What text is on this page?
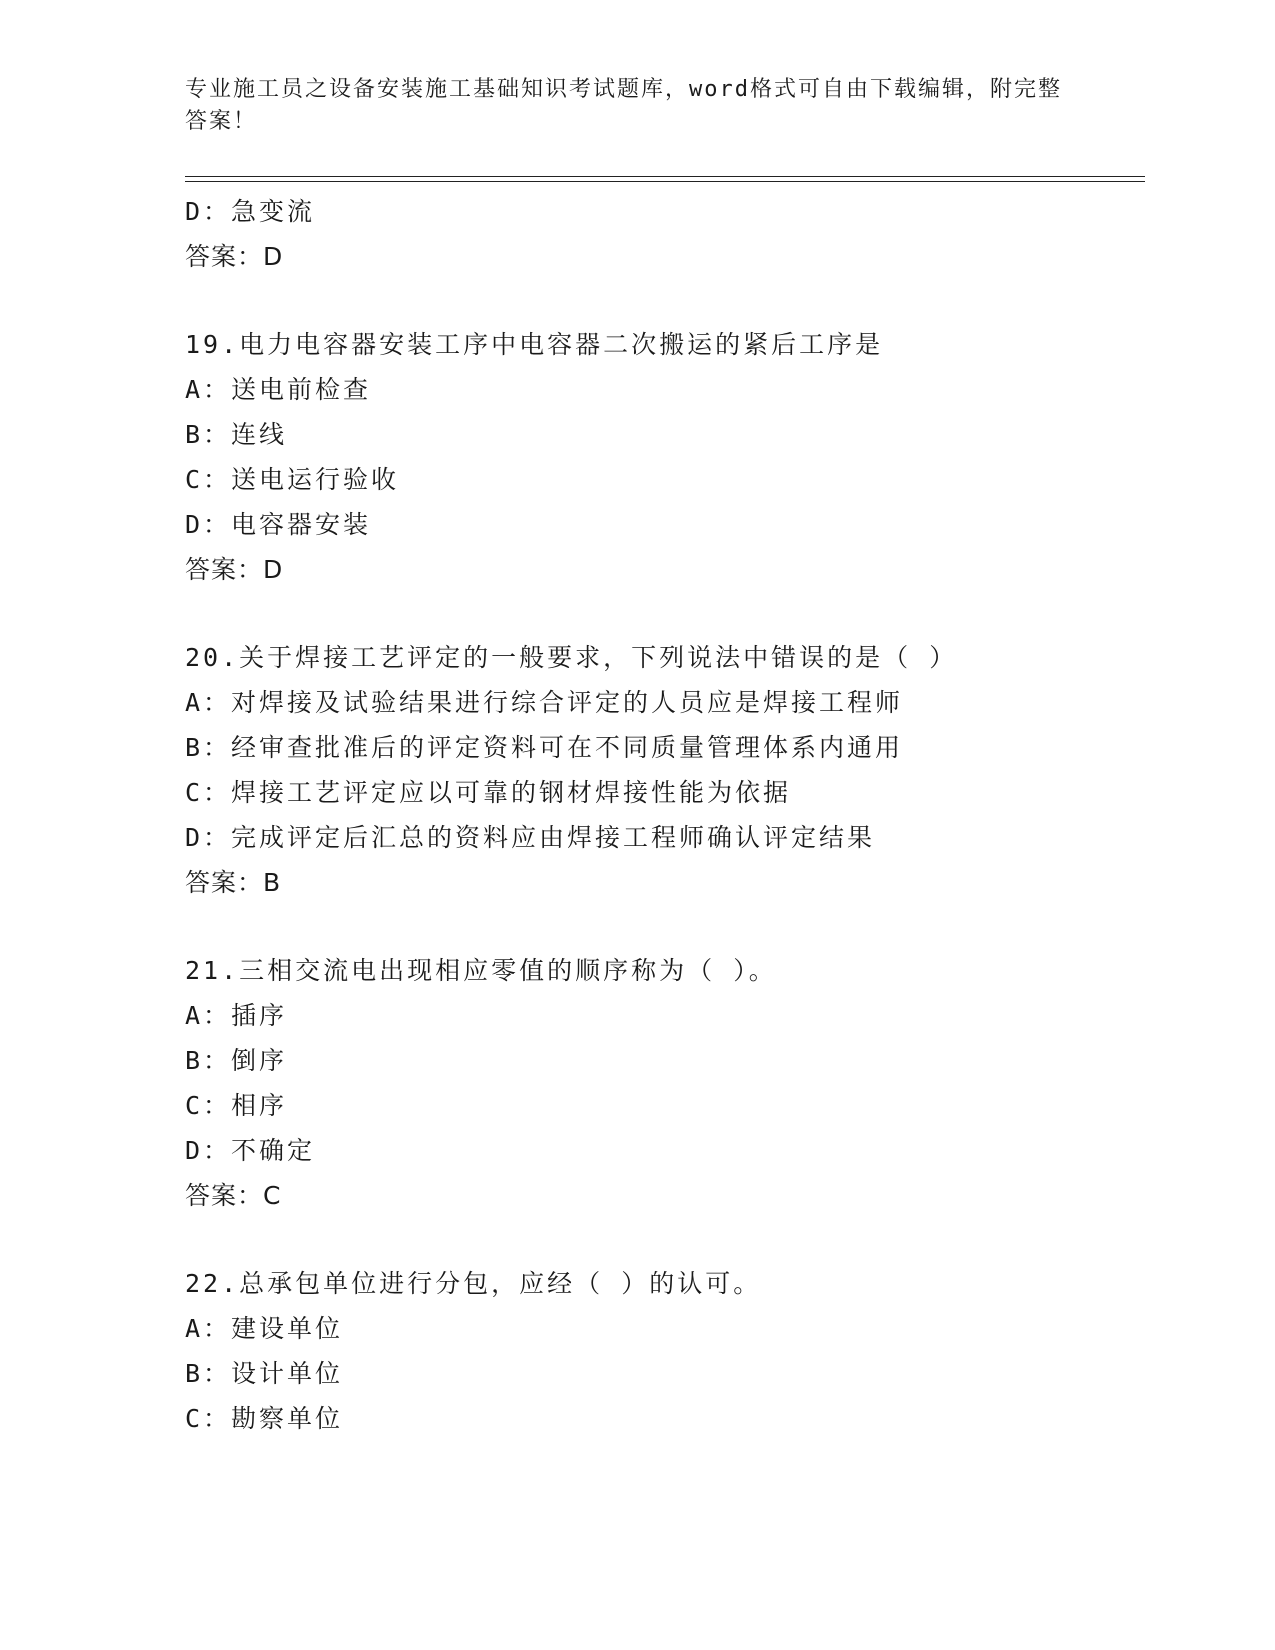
专业施工员之设备安装施工基础知识考试题库，word格式可自由下载编辑，附完整答案！
D：急变流
答案：D
19.电力电容器安装工序中电容器二次搬运的紧后工序是
A：送电前检查
B：连线
C：送电运行验收
D：电容器安装
答案：D
20.关于焊接工艺评定的一般要求，下列说法中错误的是（ ）
A：对焊接及试验结果进行综合评定的人员应是焊接工程师
B：经审查批准后的评定资料可在不同质量管理体系内通用
C：焊接工艺评定应以可靠的钢材焊接性能为依据
D：完成评定后汇总的资料应由焊接工程师确认评定结果
答案：B
21.三相交流电出现相应零值的顺序称为（ ）。
A：插序
B：倒序
C：相序
D：不确定
答案：C
22.总承包单位进行分包，应经（ ）的认可。
A：建设单位
B：设计单位
C：勘察单位
